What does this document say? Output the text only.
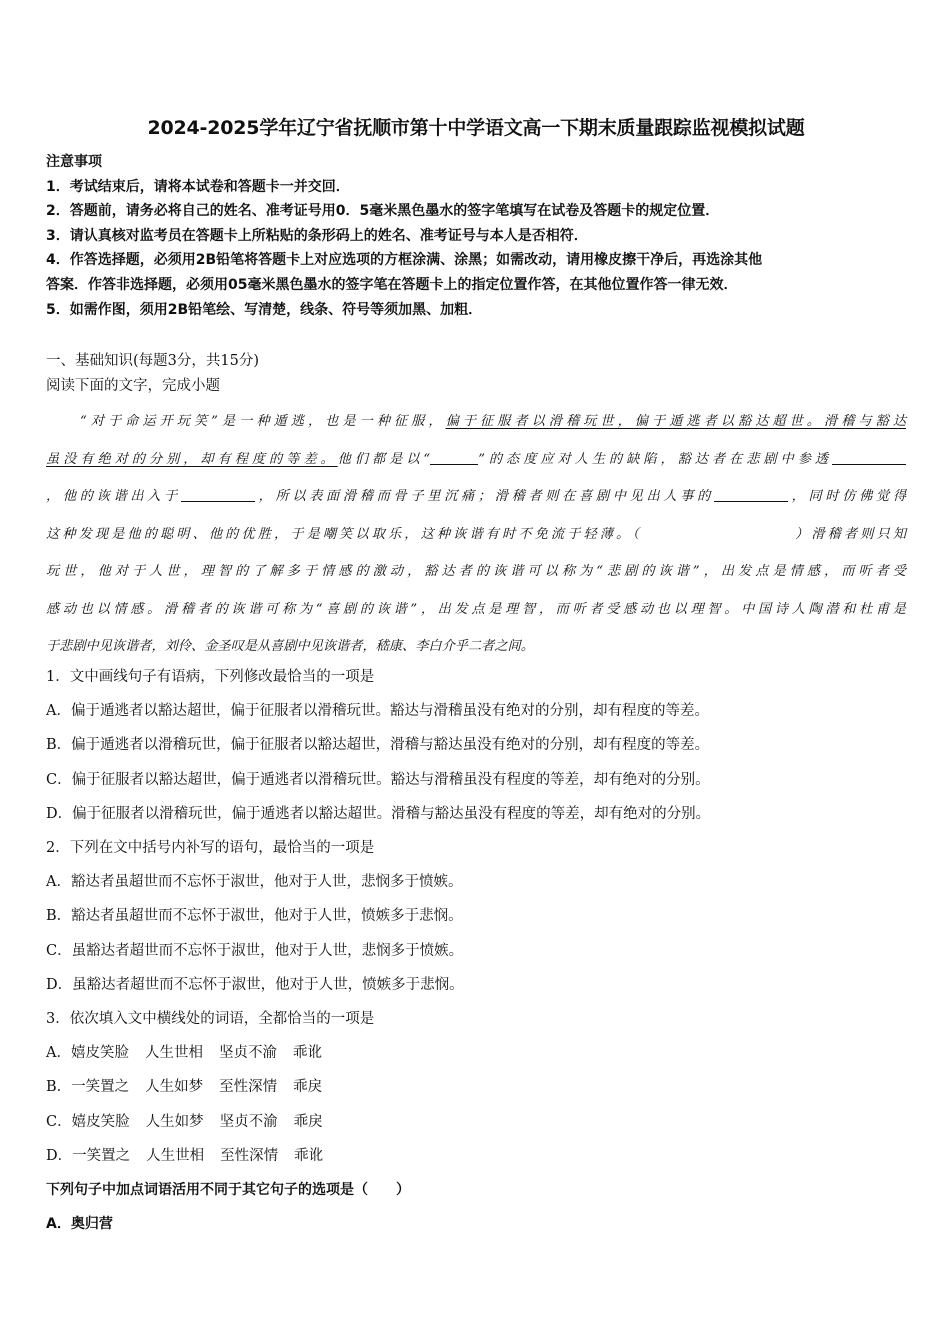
2024-2025学年辽宁省抚顺市第十中学语文高一下期末质量跟踪监视模拟试题

注意事项

1．考试结束后，请将本试卷和答题卡一并交回．

2．答题前，请务必将自己的姓名、准考证号用0．5毫米黑色墨水的签字笔填写在试卷及答题卡的规定位置．

3．请认真核对监考员在答题卡上所粘贴的条形码上的姓名、准考证号与本人是否相符．

4．作答选择题，必须用2B铅笔将答题卡上对应选项的方框涂满、涂黑；如需改动，请用橡皮擦干净后，再选涂其他

答案．作答非选择题，必须用05毫米黑色墨水的签字笔在答题卡上的指定位置作答，在其他位置作答一律无效．

5．如需作图，须用2B铅笔绘、写清楚，线条、符号等须加黑、加粗．

一、基础知识(每题3分，共15分)
阅读下面的文字，完成小题
“对于命运开玩笑”是一种遁逃，也是一种征服，偏于征服者以滑稽玩世，偏于遁逃者以豁达超世。滑稽与豁达
虽没有绝对的分别，却有程度的等差。他们都是以“	”的态度应对人生的缺陷，豁达者在悲剧中参透
，他的诙谐出入于	，所以表面滑稽而骨子里沉痛；滑稽者则在喜剧中见出人事的	，同时仿佛觉得
这种发现是他的聪明、他的优胜，于是嘲笑以取乐，这种诙谐有时不免流于轻薄。（	）滑稽者则只知
玩世，他对于人世，理智的了解多于情感的激动，豁达者的诙谐可以称为“悲剧的诙谐”，出发点是情感，而听者受
感动也以情感。滑稽者的诙谐可称为“喜剧的诙谐”，出发点是理智，而听者受感动也以理智。中国诗人陶潜和杜甫是
于悲剧中见诙谐者，刘伶、金圣叹是从喜剧中见诙谐者，嵇康、李白介乎二者之间。

1．文中画线句子有语病，下列修改最恰当的一项是

A．偏于遁逃者以豁达超世，偏于征服者以滑稽玩世。豁达与滑稽虽没有绝对的分别，却有程度的等差。

B．偏于遁逃者以滑稽玩世，偏于征服者以豁达超世，滑稽与豁达虽没有绝对的分别，却有程度的等差。

C．偏于征服者以豁达超世，偏于遁逃者以滑稽玩世。豁达与滑稽虽没有程度的等差，却有绝对的分别。

D．偏于征服者以滑稽玩世，偏于遁逃者以豁达超世。滑稽与豁达虽没有程度的等差，却有绝对的分别。

2．下列在文中括号内补写的语句，最恰当的一项是

A．豁达者虽超世而不忘怀于淑世，他对于人世，悲悯多于愤嫉。

B．豁达者虽超世而不忘怀于淑世，他对于人世，愤嫉多于悲悯。

C．虽豁达者超世而不忘怀于淑世，他对于人世，悲悯多于愤嫉。

D．虽豁达者超世而不忘怀于淑世，他对于人世，愤嫉多于悲悯。

3．依次填入文中横线处的词语，全都恰当的一项是

A．嬉皮笑脸 人生世相 坚贞不渝 乖讹

B．一笑置之 人生如梦 至性深情 乖戾

C．嬉皮笑脸 人生如梦 坚贞不渝 乖戾

D．一笑置之 人生世相 至性深情 乖讹

下列句子中加点词语活用不同于其它句子的选项是（　　）

A．奥归营
